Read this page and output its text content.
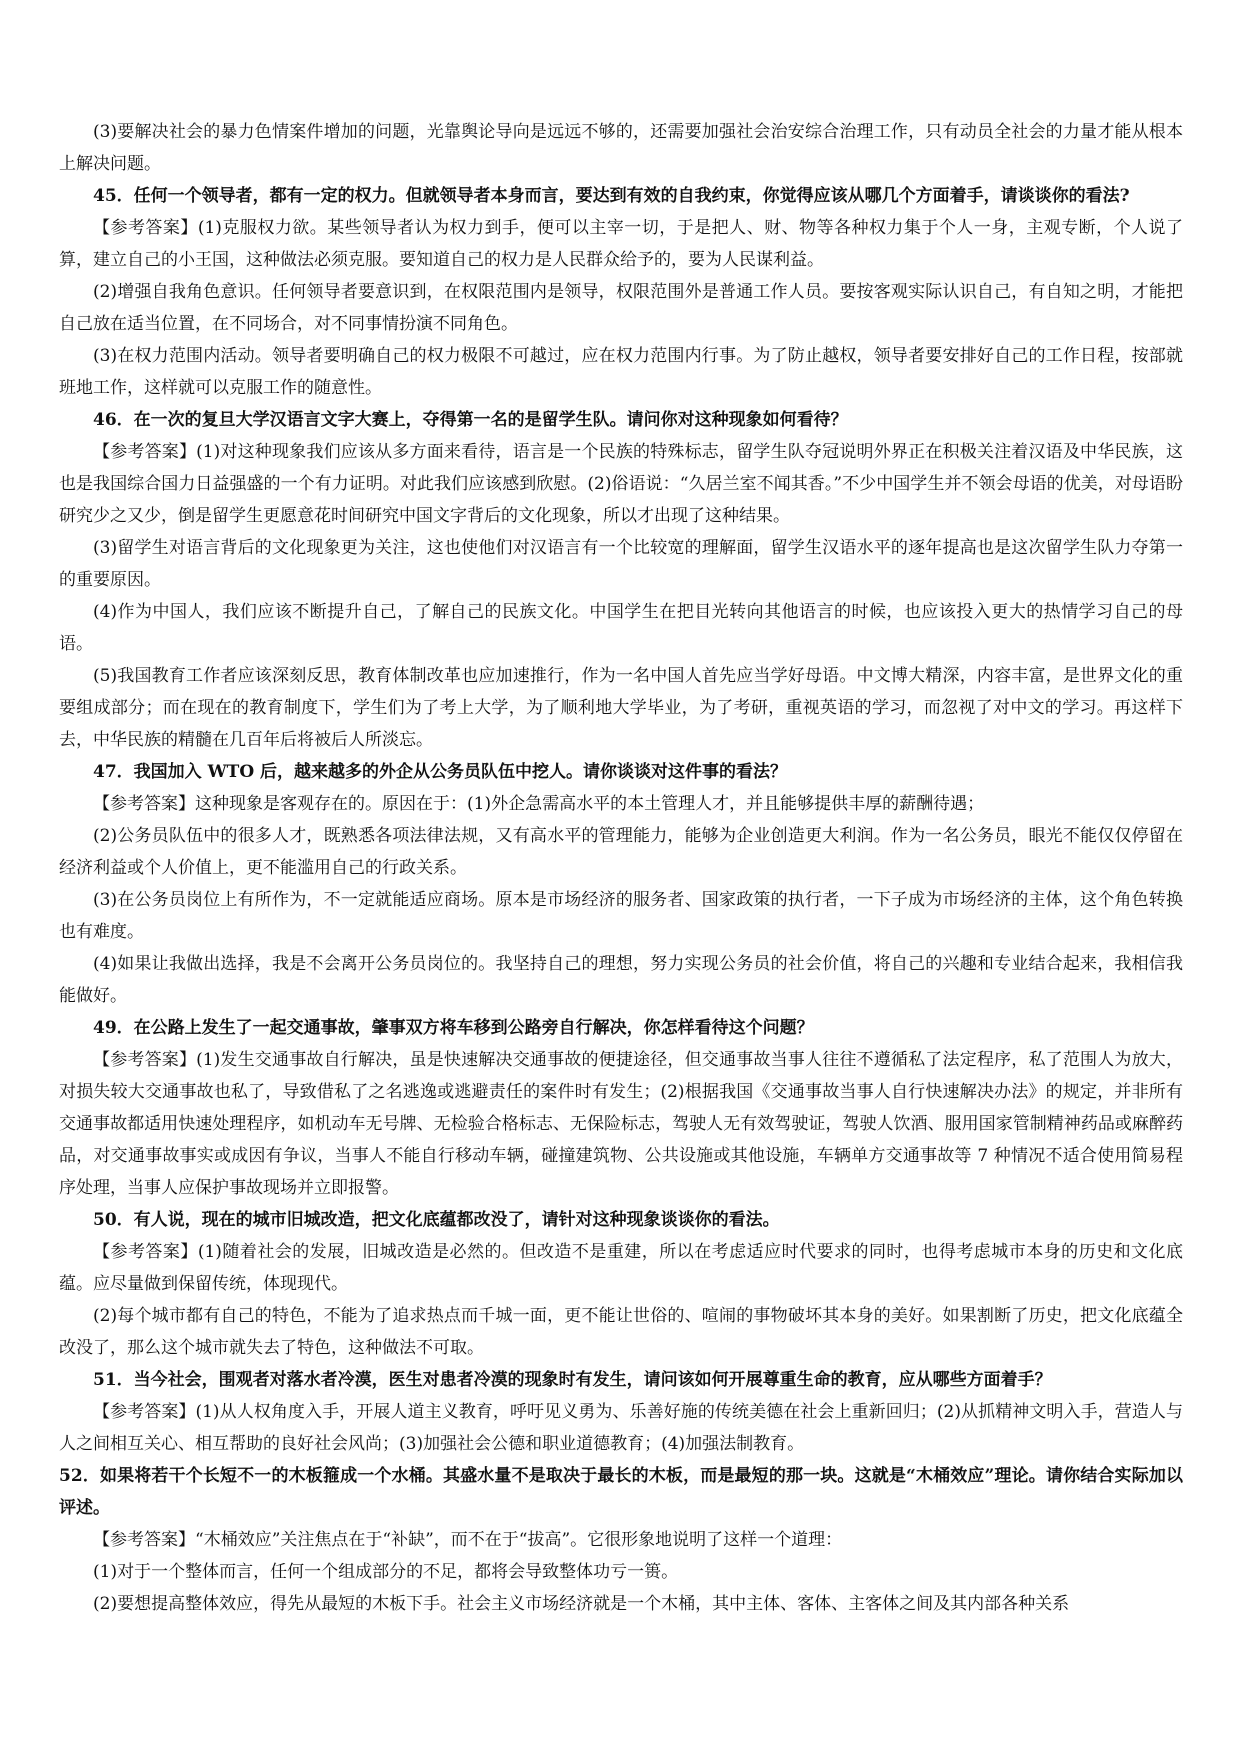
(3)要解决社会的暴力色情案件增加的问题，光靠舆论导向是远远不够的，还需要加强社会治安综合治理工作，只有动员全社会的力量才能从根本上解决问题。

45．任何一个领导者，都有一定的权力。但就领导者本身而言，要达到有效的自我约束，你觉得应该从哪几个方面着手，请谈谈你的看法?

【参考答案】(1)克服权力欲。某些领导者认为权力到手，便可以主宰一切，于是把人、财、物等各种权力集于个人一身，主观专断，个人说了算，建立自己的小王国，这种做法必须克服。要知道自己的权力是人民群众给予的，要为人民谋利益。

(2)增强自我角色意识。任何领导者要意识到，在权限范围内是领导，权限范围外是普通工作人员。要按客观实际认识自己，有自知之明，才能把自己放在适当位置，在不同场合，对不同事情扮演不同角色。

(3)在权力范围内活动。领导者要明确自己的权力极限不可越过，应在权力范围内行事。为了防止越权，领导者要安排好自己的工作日程，按部就班地工作，这样就可以克服工作的随意性。

46．在一次的复旦大学汉语言文字大赛上，夺得第一名的是留学生队。请问你对这种现象如何看待？

【参考答案】(1)对这种现象我们应该从多方面来看待，语言是一个民族的特殊标志，留学生队夺冠说明外界正在积极关注着汉语及中华民族，这也是我国综合国力日益强盛的一个有力证明。对此我们应该感到欣慰。(2)俗语说：“久居兰室不闻其香。”不少中国学生并不领会母语的优美，对母语盼研究少之又少，倒是留学生更愿意花时间研究中国文字背后的文化现象，所以才出现了这种结果。

(3)留学生对语言背后的文化现象更为关注，这也使他们对汉语言有一个比较宽的理解面，留学生汉语水平的逐年提高也是这次留学生队力夺第一的重要原因。

(4)作为中国人，我们应该不断提升自己，了解自己的民族文化。中国学生在把目光转向其他语言的时候，也应该投入更大的热情学习自己的母语。

(5)我国教育工作者应该深刻反思，教育体制改革也应加速推行，作为一名中国人首先应当学好母语。中文博大精深，内容丰富，是世界文化的重要组成部分；而在现在的教育制度下，学生们为了考上大学，为了顺利地大学毕业，为了考研，重视英语的学习，而忽视了对中文的学习。再这样下去，中华民族的精髓在几百年后将被后人所淡忘。

47．我国加入 WTO 后，越来越多的外企从公务员队伍中挖人。请你谈谈对这件事的看法？

【参考答案】这种现象是客观存在的。原因在于：(1)外企急需高水平的本土管理人才，并且能够提供丰厚的薪酬待遇；

(2)公务员队伍中的很多人才，既熟悉各项法律法规，又有高水平的管理能力，能够为企业创造更大利润。作为一名公务员，眼光不能仅仅停留在经济利益或个人价值上，更不能滥用自己的行政关系。

(3)在公务员岗位上有所作为，不一定就能适应商场。原本是市场经济的服务者、国家政策的执行者，一下子成为市场经济的主体，这个角色转换也有难度。

(4)如果让我做出选择，我是不会离开公务员岗位的。我坚持自己的理想，努力实现公务员的社会价值，将自己的兴趣和专业结合起来，我相信我能做好。

49．在公路上发生了一起交通事故，肇事双方将车移到公路旁自行解决，你怎样看待这个问题？

【参考答案】(1)发生交通事故自行解决，虽是快速解决交通事故的便捷途径，但交通事故当事人往往不遵循私了法定程序，私了范围人为放大，对损失较大交通事故也私了，导致借私了之名逃逸或逃避责任的案件时有发生；(2)根据我国《交通事故当事人自行快速解决办法》的规定，并非所有交通事故都适用快速处理程序，如机动车无号牌、无检验合格标志、无保险标志，驾驶人无有效驾驶证，驾驶人饮酒、服用国家管制精神药品或麻醉药品，对交通事故事实或成因有争议，当事人不能自行移动车辆，碰撞建筑物、公共设施或其他设施，车辆单方交通事故等 7 种情况不适合使用简易程序处理，当事人应保护事故现场并立即报警。

50．有人说，现在的城市旧城改造，把文化底蕴都改没了，请针对这种现象谈谈你的看法。

【参考答案】(1)随着社会的发展，旧城改造是必然的。但改造不是重建，所以在考虑适应时代要求的同时，也得考虑城市本身的历史和文化底蕴。应尽量做到保留传统，体现现代。

(2)每个城市都有自己的特色，不能为了追求热点而千城一面，更不能让世俗的、喧闹的事物破坏其本身的美好。如果割断了历史，把文化底蕴全改没了，那么这个城市就失去了特色，这种做法不可取。

51．当今社会，围观者对落水者冷漠，医生对患者冷漠的现象时有发生，请问该如何开展尊重生命的教育，应从哪些方面着手？

【参考答案】(1)从人权角度入手，开展人道主义教育，呼吁见义勇为、乐善好施的传统美德在社会上重新回归；(2)从抓精神文明入手，营造人与人之间相互关心、相互帮助的良好社会风尚；(3)加强社会公德和职业道德教育；(4)加强法制教育。

52．如果将若干个长短不一的木板箍成一个水桶。其盛水量不是取决于最长的木板，而是最短的那一块。这就是“木桶效应”理论。请你结合实际加以评述。

【参考答案】“木桶效应”关注焦点在于“补缺”，而不在于“拔高”。它很形象地说明了这样一个道理：

(1)对于一个整体而言，任何一个组成部分的不足，都将会导致整体功亏一篑。

(2)要想提高整体效应，得先从最短的木板下手。社会主义市场经济就是一个木桶，其中主体、客体、主客体之间及其内部各种关系
